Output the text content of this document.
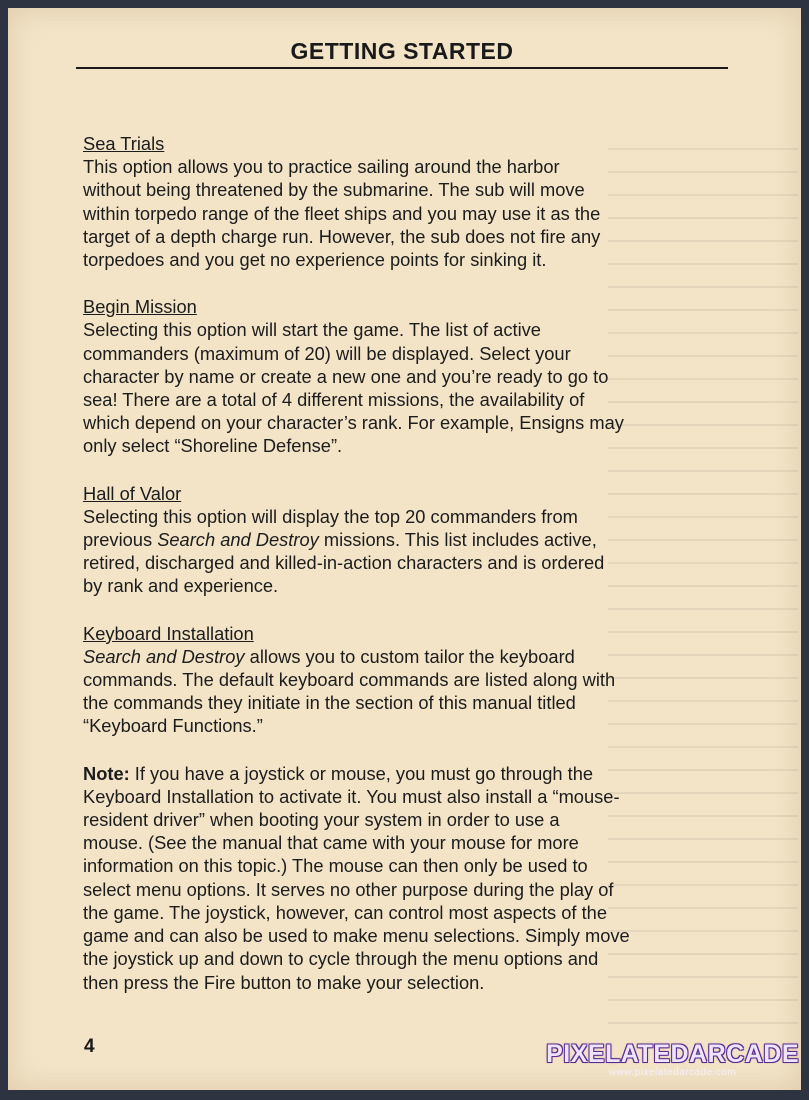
GETTING STARTED
Sea Trials
This option allows you to practice sailing around the harbor
without being threatened by the submarine. The sub will move
within torpedo range of the fleet ships and you may use it as the
target of a depth charge run. However, the sub does not fire any
torpedoes and you get no experience points for sinking it.
Begin Mission
Selecting this option will start the game. The list of active
commanders (maximum of 20) will be displayed. Select your
character by name or create a new one and you’re ready to go to
sea! There are a total of 4 different missions, the availability of
which depend on your character’s rank. For example, Ensigns may
only select “Shoreline Defense”.
Hall of Valor
Selecting this option will display the top 20 commanders from
previous Search and Destroy missions. This list includes active,
retired, discharged and killed-in-action characters and is ordered
by rank and experience.
Keyboard Installation
Search and Destroy allows you to custom tailor the keyboard
commands. The default keyboard commands are listed along with
the commands they initiate in the section of this manual titled
“Keyboard Functions.”
Note: If you have a joystick or mouse, you must go through the
Keyboard Installation to activate it. You must also install a “mouse-
resident driver” when booting your system in order to use a
mouse. (See the manual that came with your mouse for more
information on this topic.) The mouse can then only be used to
select menu options. It serves no other purpose during the play of
the game. The joystick, however, can control most aspects of the
game and can also be used to make menu selections. Simply move
the joystick up and down to cycle through the menu options and
then press the Fire button to make your selection.
4	PIXELATEDARCADE
www.pixelatedarcade.com
